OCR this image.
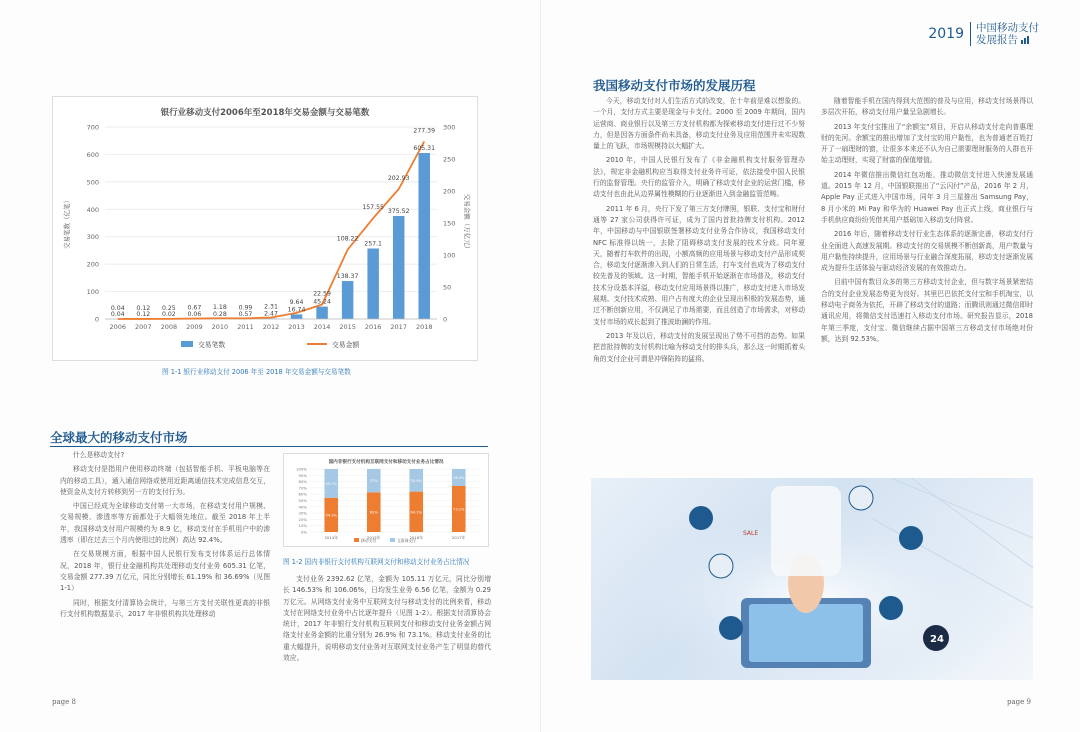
银行业移动支付2006年至2018年交易金额与交易笔数
0
100
200
300
400
500
600
700
0
50
100
150
200
250
300
交易笔数（亿笔）	交易金额（万亿元）
2006 2007 2008 2009 2010 2011 2012 2013 2014 2015 2016 2017 2018
0.04
0.04
0.12
0.12
0.02
0.25
0.06
0.67
0.28
1.18
0.57
0.99
2.47
2.31 16.74
9.64 45.24
22.59
138.37
108.22
257.1
157.55
375.52
202.93
605.31
277.39
交易笔数	交易金额
图 1-1 银行业移动支付 2006 年至 2018 年交易金额与交易笔数
全球最大的移动支付市场

什么是移动支付?

移动支付是指用户使用移动终端（包括智能手机、平板电脑等在内的移动工具），通入通信网络或使用近距离通信技术完成信息交互，使资金从支付方转移到另一方的支付行为。

中国已经成为全球移动支付第一大市场，在移动支付用户规模、交易规模、渗透率等方面都处于大幅领先地位。截至 2018 年上半年，我国移动支付用户规模约为 8.9 亿，移动支付在手机用户中的渗透率（即在过去三个月内使用过的比例）高达 92.4%。

在交易规模方面，根据中国人民银行发布支付体系运行总体情况，2018 年，银行业金融机构共处理移动支付业务 605.31 亿笔，交易金额 277.39 万亿元，同比分别增长 61.19% 和 36.69%（见图 1-1）

同时，根据支付清算协会统计，与第三方支付关联性更高的非银行支付机构数据显示，2017 年非银机构共处理移动

国内非银行支付机构互联网支付和移动支付业务占比情况
0%
10%
20%
30%
40%
50%
60%
70%
80%
90%
100%
54.3%
45.7%
2014年
63%
37%
2015年
64.1%
35.9%
2016年
73.1%
26.9%
2017年
移动支付	互联网支付
图 1-2 国内非银行支付机构互联网支付和移动支付业务占比情况

支付业务 2392.62 亿笔，金额为 105.11 万亿元，同比分别增长 146.53% 和 106.06%，日均发生业务 6.56 亿笔，金额为 0.29 万亿元。从网络支付业务中互联网支付与移动支付的比例来看，移动支付在网络支付业务中占比逐年提升（见图 1-2）。根据支付清算协会统计，2017 年非银行支付机构互联网支付和移动支付业务金额占网络支付业务金额的比重分别为 26.9% 和 73.1%。移动支付业务的比重大幅提升，说明移动支付业务对互联网支付业务产生了明显的替代效应。

page 8
2019	中国移动支付
发展报告
我国移动支付市场的发展历程

今天，移动支付对人们生活方式的改变，在十年前是难以想象的。一个月，支付方式主要是现金与卡支付。2000 至 2009 年期间，国内运营商、商业银行以及第三方支付机构都为探索移动支付进行过不少努力，但是因各方面条件尚未具备，移动支付业务及应用范围并未实现数量上的飞跃，市场规模持以大幅扩大。

2010 年，中国人民银行发布了《非金融机构支付服务管理办法》，规定非金融机构应当取得支付业务许可证，依法接受中国人民银行的监督管理。央行的监管介入，明确了移动支付企业的运营门槛，移动支付也由此从边界属性模糊的行业逐渐进入到金融监管范畴。

2011 年 6 月，央行下发了第三方支付牌照，银联、支付宝和财付通等 27 家公司获得许可证，成为了国内首批持牌支付机构。2012 年，中国移动与中国银联签署移动支付业务合作协议，我国移动支付 NFC 标准得以统一，去除了阻碍移动支付发展的技术分歧。同年夏天，随着打车软件的出现，小额高频的应用场景与移动支付产品形成契合，移动支付逐渐渗入到人们的日常生活，打车支付也成为了移动支付较先普及的领域。这一时期，智能手机开始逐渐在市场普及，移动支付技术分设基本洋溢，移动支付应用场景得以推广，移动支付进入市场发展期。支付技术成熟、用户占有度大的企业呈现出积极的发展态势，通过不断创新应用，不仅满足了市场需要，而且创造了市场需求，对移动支付市场的成长起到了推波助澜的作用。

2013 年及以后，移动支付的发展呈现出了势不可挡的态势。如果把首批持牌的支付机构比喻为移动支付的排头兵，那么这一时期抓着头角的支付企业可谓是冲锋陷阵的猛将。

随着智能手机在国内得到大范围的普及与应用，移动支付场景得以多层次开拓，移动支付用户量呈急剧增长。

2013 年支付宝推出了“余额宝”项目，开启从移动支付走向普惠理财的先河。余额宝的推出增加了支付宝的用户黏性，也为普通老百姓打开了一扇理财的窗，让很多本来还不认为自己需要理财服务的人群也开始主动理财，实现了财富的保值增值。

2014 年微信推出微信红包功能，推动微信支付进入快速发展通道。2015 年 12 月，中国银联推出了“云闪付”产品，2016 年 2 月，Apple Pay 正式进入中国市场，同年 3 月三星推出 Samsung Pay，8 月小米的 Mi Pay 和华为的 Huawei Pay 也正式上线，商业银行与手机供应商纷纷凭借其用户基础加入移动支付阵营。

2016 年后，随着移动支付行业生态体系的逐渐完善，移动支付行业全面进入高速发展期。移动支付的交易规模不断创新高，用户数量与用户黏性持续提升，应用场景与行业融合深度拓展，移动支付逐渐发展成为提升生活体验与驱动经济发展的有效推动力。

目前中国有数目众多的第三方移动支付企业，但与数字场景紧密结合的支付企业发展态势更为良好。其里巴巴依托支付宝和手机淘宝，以移动电子商务为依托，开辟了移动支付的道路；而腾讯则通过微信即时通讯应用，将微信支付迅速打入移动支付市场。研究报告显示，2018 年第三季度，支付宝、微信继续占据中国第三方移动支付市场绝对份额，达到 92.53%。

SALE
24
page 9
